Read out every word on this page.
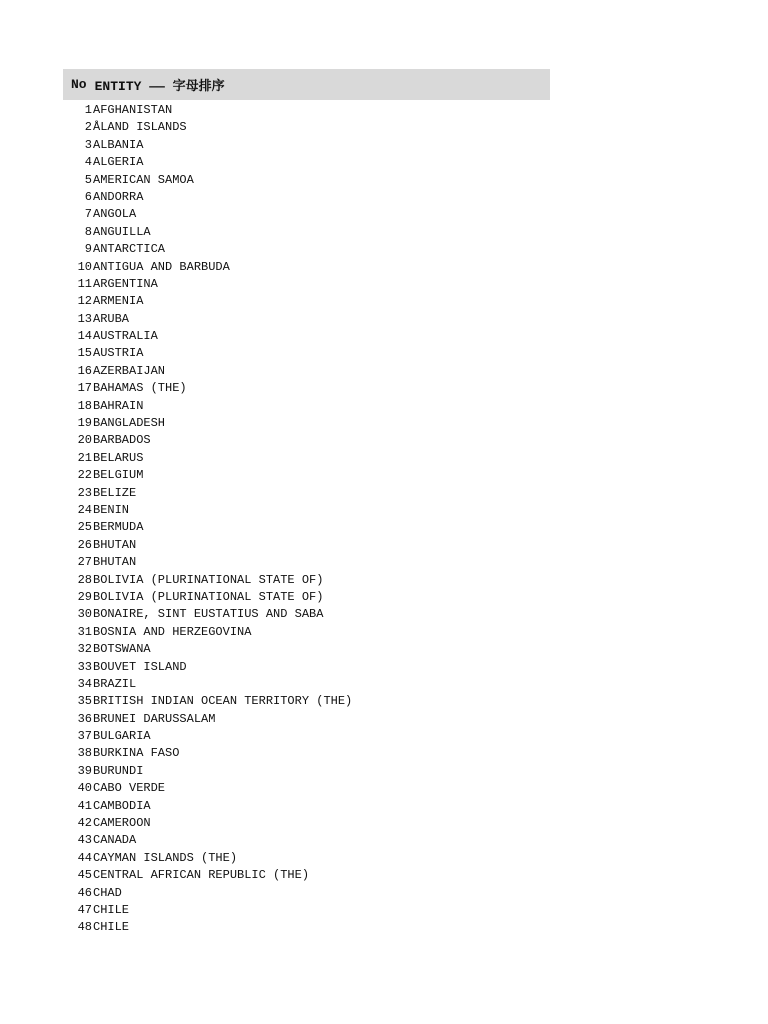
No ENTITY —— 字母排序
1 AFGHANISTAN
2 ÅLAND ISLANDS
3 ALBANIA
4 ALGERIA
5 AMERICAN SAMOA
6 ANDORRA
7 ANGOLA
8 ANGUILLA
9 ANTARCTICA
10 ANTIGUA AND BARBUDA
11 ARGENTINA
12 ARMENIA
13 ARUBA
14 AUSTRALIA
15 AUSTRIA
16 AZERBAIJAN
17 BAHAMAS (THE)
18 BAHRAIN
19 BANGLADESH
20 BARBADOS
21 BELARUS
22 BELGIUM
23 BELIZE
24 BENIN
25 BERMUDA
26 BHUTAN
27 BHUTAN
28 BOLIVIA (PLURINATIONAL STATE OF)
29 BOLIVIA (PLURINATIONAL STATE OF)
30 BONAIRE, SINT EUSTATIUS AND SABA
31 BOSNIA AND HERZEGOVINA
32 BOTSWANA
33 BOUVET ISLAND
34 BRAZIL
35 BRITISH INDIAN OCEAN TERRITORY (THE)
36 BRUNEI DARUSSALAM
37 BULGARIA
38 BURKINA FASO
39 BURUNDI
40 CABO VERDE
41 CAMBODIA
42 CAMEROON
43 CANADA
44 CAYMAN ISLANDS (THE)
45 CENTRAL AFRICAN REPUBLIC (THE)
46 CHAD
47 CHILE
48 CHILE
